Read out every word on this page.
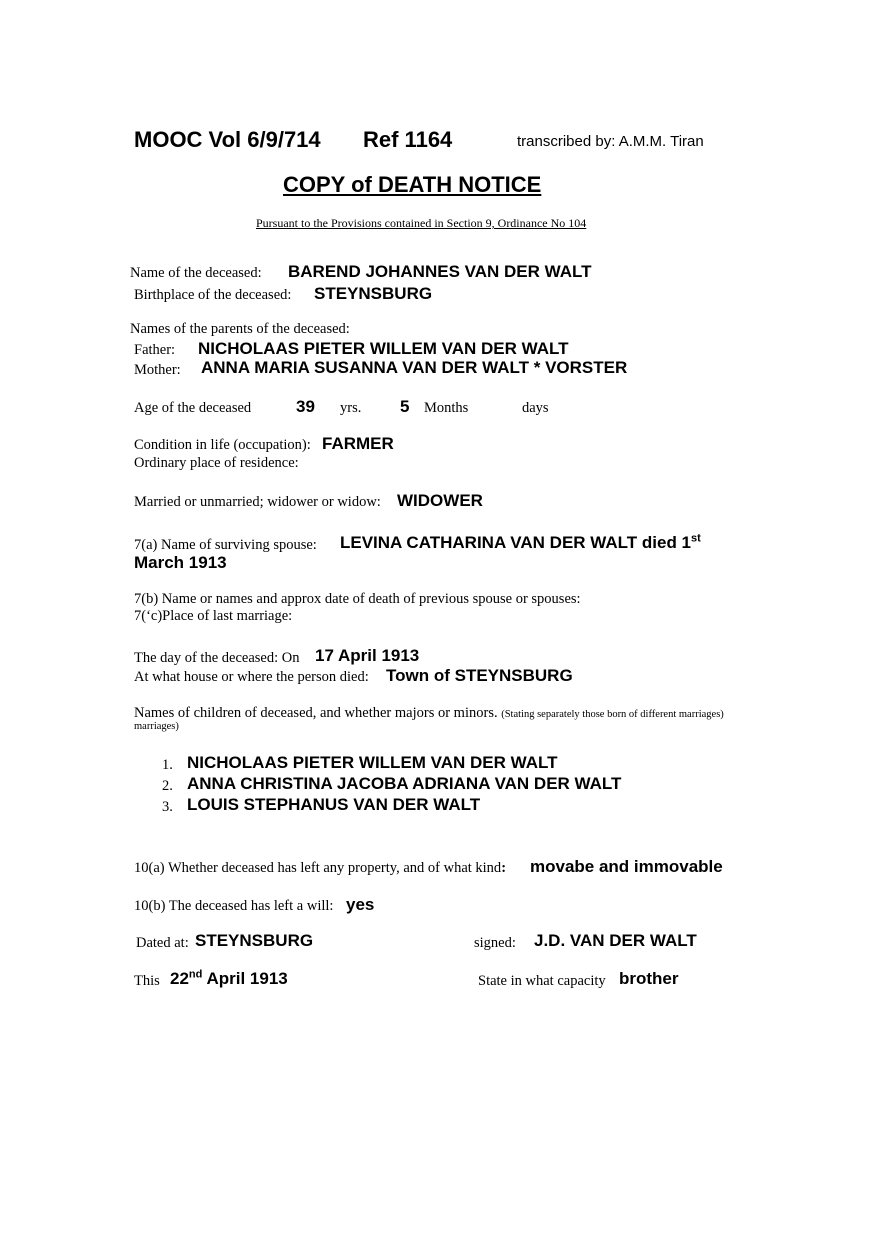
MOOC Vol 6/9/714 Ref 1164	transcribed by: A.M.M. Tiran
COPY of DEATH NOTICE
Pursuant to the Provisions contained in Section 9, Ordinance No 104
Name of the deceased: BAREND JOHANNES VAN DER WALT
Birthplace of the deceased: STEYNSBURG
Names of the parents of the deceased:
Father: NICHOLAAS PIETER WILLEM VAN DER WALT
Mother: ANNA MARIA SUSANNA VAN DER WALT * VORSTER
Age of the deceased	39 yrs. 5 Months	days
Condition in life (occupation): FARMER
Ordinary place of residence:
Married or unmarried; widower or widow: WIDOWER
7(a) Name of surviving spouse: LEVINA CATHARINA VAN DER WALT died 1st
March 1913
7(b) Name or names and approx date of death of previous spouse or spouses:
7(‘c)Place of last marriage:
The day of the deceased: On 17 April 1913
At what house or where the person died: Town of STEYNSBURG
Names of children of deceased, and whether majors or minors. (Stating separately those born of different marriages)
marriages)
1. NICHOLAAS PIETER WILLEM VAN DER WALT
2. ANNA CHRISTINA JACOBA ADRIANA VAN DER WALT
3. LOUIS STEPHANUS VAN DER WALT
10(a) Whether deceased has left any property, and of what kind: movabe and immovable
10(b) The deceased has left a will: yes
Dated at: STEYNSBURG	signed: J.D. VAN DER WALT
This 22nd April 1913	State in what capacity brother
